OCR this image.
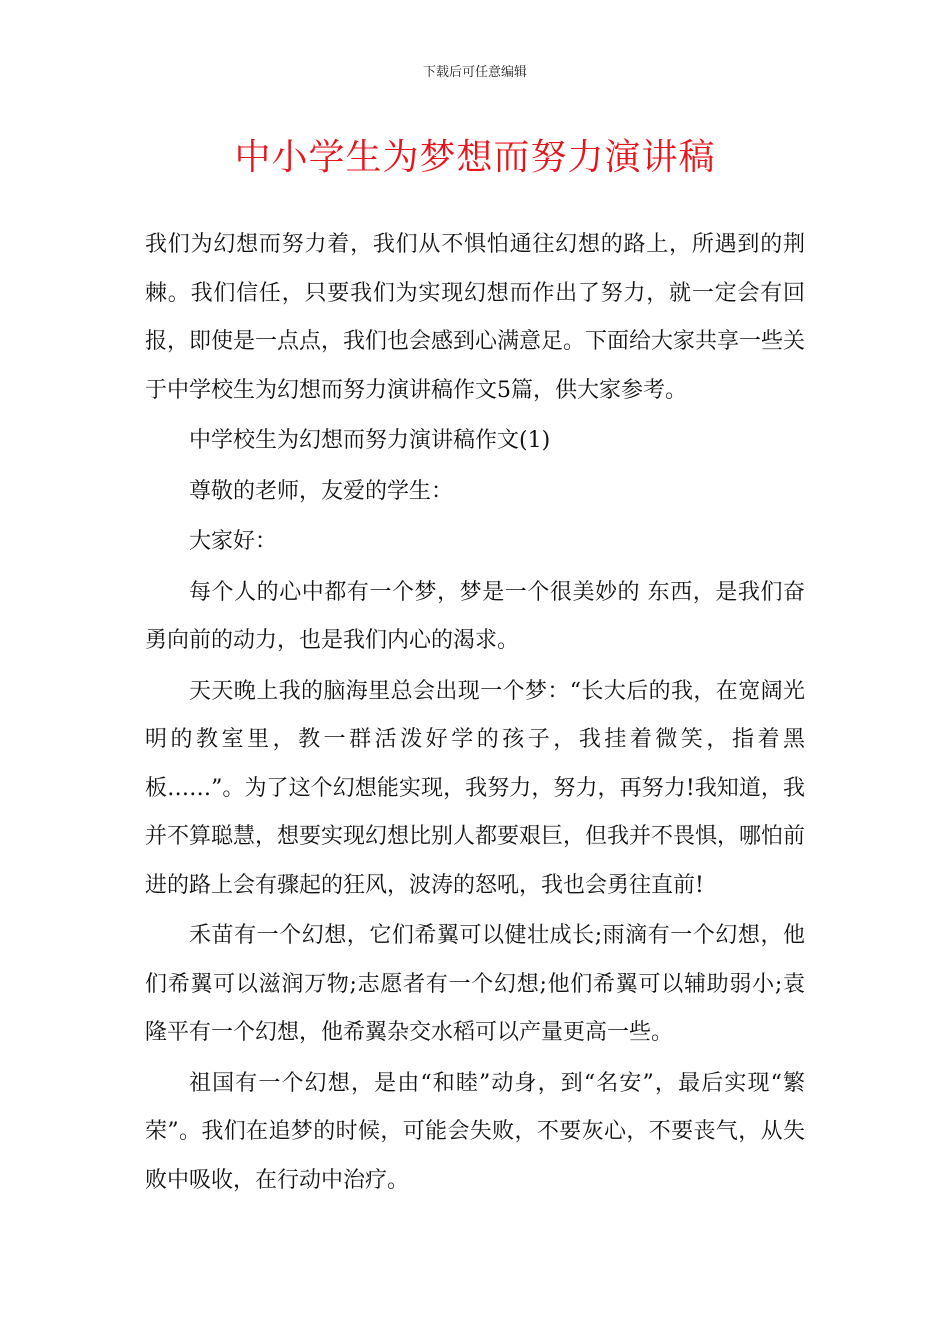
下载后可任意编辑
中小学生为梦想而努力演讲稿

我们为幻想而努力着，我们从不惧怕通往幻想的路上，所遇到的荆棘。我们信任，只要我们为实现幻想而作出了努力，就一定会有回报，即使是一点点，我们也会感到心满意足。下面给大家共享一些关于中学校生为幻想而努力演讲稿作文5篇，供大家参考。

中学校生为幻想而努力演讲稿作文(1)

尊敬的老师，友爱的学生：

大家好：

每个人的心中都有一个梦，梦是一个很美妙的 东西，是我们奋勇向前的动力，也是我们内心的渴求。

天天晚上我的脑海里总会出现一个梦：“长大后的我，在宽阔光明的教室里，教一群活泼好学的孩子，我挂着微笑，指着黑板……”。为了这个幻想能实现，我努力，努力，再努力!我知道，我并不算聪慧，想要实现幻想比别人都要艰巨，但我并不畏惧，哪怕前进的路上会有骤起的狂风，波涛的怒吼，我也会勇往直前!

禾苗有一个幻想，它们希翼可以健壮成长;雨滴有一个幻想，他们希翼可以滋润万物;志愿者有一个幻想;他们希翼可以辅助弱小;袁隆平有一个幻想，他希翼杂交水稻可以产量更高一些。

祖国有一个幻想，是由“和睦”动身，到“名安”，最后实现“繁荣”。我们在追梦的时候，可能会失败，不要灰心，不要丧气，从失败中吸收，在行动中治疗。
